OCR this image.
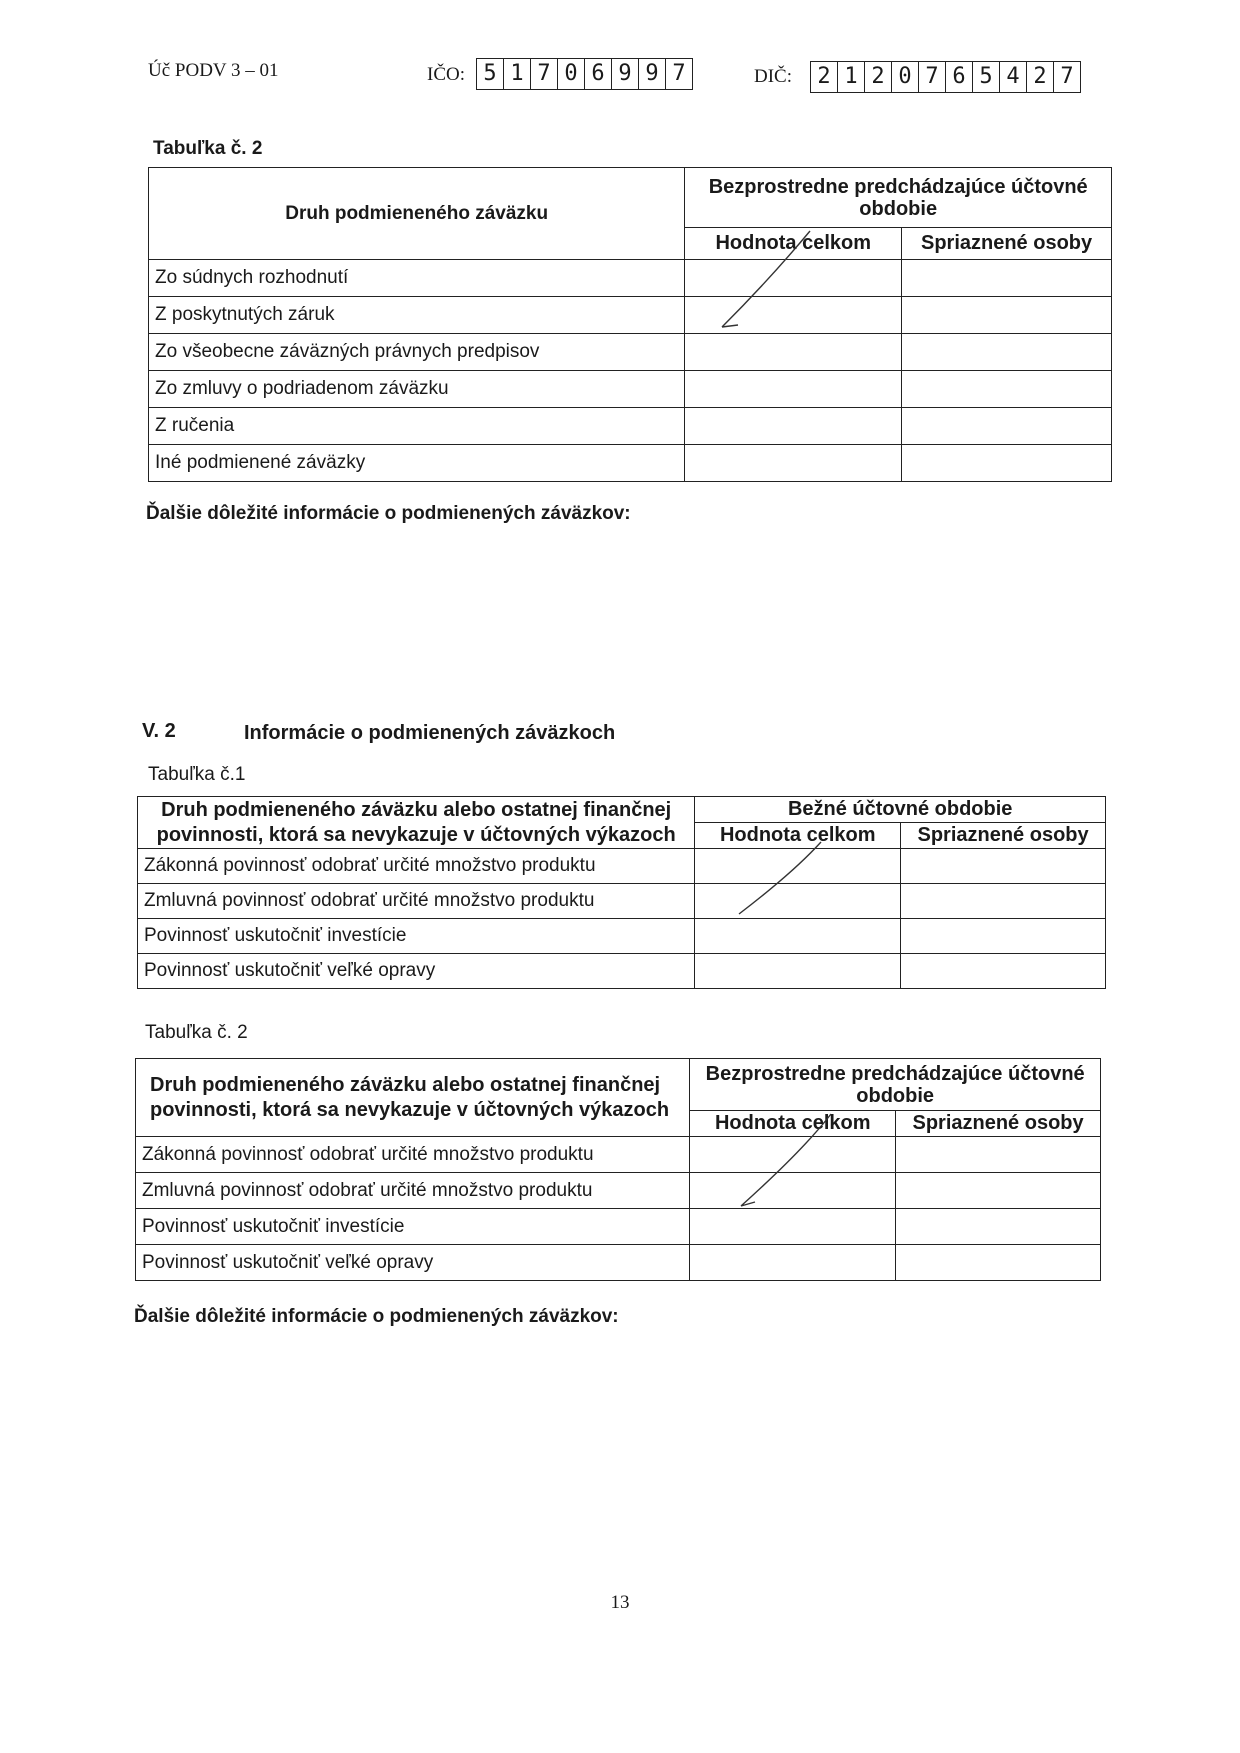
Úč PODV 3 – 01	IČO: 5 1 7 0 6 9 9 7	DIČ: 2 1 2 0 7 6 5 4 2 7
Tabuľka č. 2
Druh podmieneného záväzku	Bezprostredne predchádzajúce účtovné obdobie	
	Hodnota celkom	Spriaznené osoby
Zo súdnych rozhodnutí		
Z poskytnutých záruk		
Zo všeobecne záväzných právnych predpisov		
Zo zmluvy o podriadenom záväzku		
Z ručenia		
Iné podmienené záväzky		
Ďalšie dôležité informácie o podmienených záväzkov:
V. 2	Informácie o podmienených záväzkoch
Tabuľka č.1
Druh podmieneného záväzku alebo ostatnej finančnej povinnosti, ktorá sa nevykazuje v účtovných výkazoch	Bežné účtovné obdobie	
	Hodnota celkom	Spriaznené osoby
Zákonná povinnosť odobrať určité množstvo produktu		
Zmluvná povinnosť odobrať určité množstvo produktu		
Povinnosť uskutočniť investície		
Povinnosť uskutočniť veľké opravy		
Tabuľka č. 2
Druh podmieneného záväzku alebo ostatnej finančnej povinnosti, ktorá sa nevykazuje v účtovných výkazoch	Bezprostredne predchádzajúce účtovné obdobie	
	Hodnota celkom	Spriaznené osoby
Zákonná povinnosť odobrať určité množstvo produktu		
Zmluvná povinnosť odobrať určité množstvo produktu		
Povinnosť uskutočniť investície		
Povinnosť uskutočniť veľké opravy		
Ďalšie dôležité informácie o podmienených záväzkov:
13
